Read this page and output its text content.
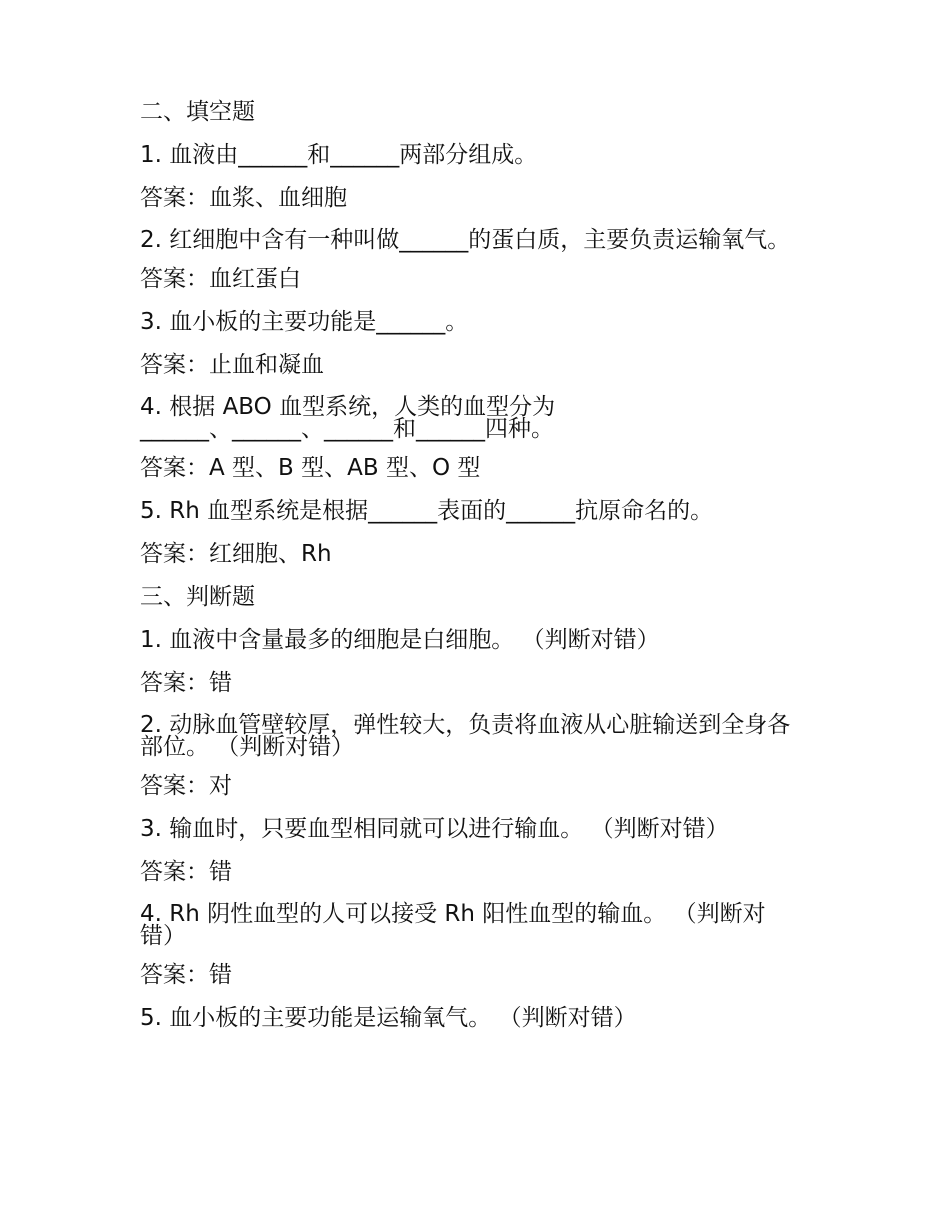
二、填空题
1. 血液由______和______两部分组成。
答案：血浆、血细胞
2. 红细胞中含有一种叫做______的蛋白质，主要负责运输氧气。
答案：血红蛋白
3. 血小板的主要功能是______。
答案：止血和凝血
4. 根据 ABO 血型系统，人类的血型分为
______、______、______和______四种。
答案：A 型、B 型、AB 型、O 型
5. Rh 血型系统是根据______表面的______抗原命名的。
答案：红细胞、Rh
三、判断题
1. 血液中含量最多的细胞是白细胞。 （判断对错）
答案：错
2. 动脉血管壁较厚，弹性较大，负责将血液从心脏输送到全身各部位。 （判断对错）
答案：对
3. 输血时，只要血型相同就可以进行输血。 （判断对错）
答案：错
4. Rh 阴性血型的人可以接受 Rh 阳性血型的输血。 （判断对错）
答案：错
5. 血小板的主要功能是运输氧气。 （判断对错）
